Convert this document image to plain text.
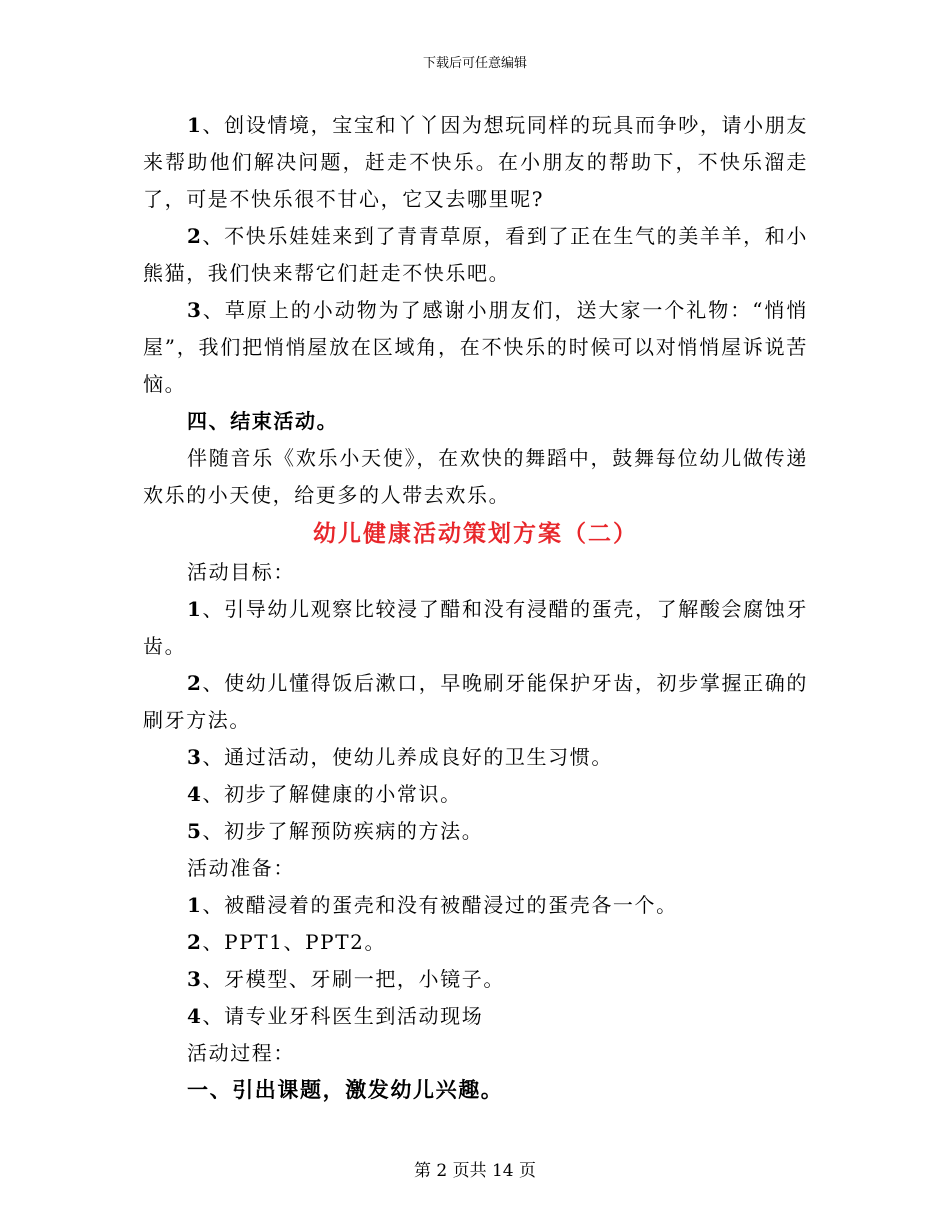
下载后可任意编辑

1、创设情境，宝宝和丫丫因为想玩同样的玩具而争吵，请小朋友来帮助他们解决问题，赶走不快乐。在小朋友的帮助下，不快乐溜走了，可是不快乐很不甘心，它又去哪里呢?

2、不快乐娃娃来到了青青草原，看到了正在生气的美羊羊，和小熊猫，我们快来帮它们赶走不快乐吧。

3、草原上的小动物为了感谢小朋友们，送大家一个礼物：“悄悄屋”，我们把悄悄屋放在区域角，在不快乐的时候可以对悄悄屋诉说苦恼。

四、结束活动。

伴随音乐《欢乐小天使》，在欢快的舞蹈中，鼓舞每位幼儿做传递欢乐的小天使，给更多的人带去欢乐。

幼儿健康活动策划方案（二）

活动目标：

1、引导幼儿观察比较浸了醋和没有浸醋的蛋壳，了解酸会腐蚀牙齿。

2、使幼儿懂得饭后漱口，早晚刷牙能保护牙齿，初步掌握正确的刷牙方法。

3、通过活动，使幼儿养成良好的卫生习惯。

4、初步了解健康的小常识。

5、初步了解预防疾病的方法。

活动准备：

1、被醋浸着的蛋壳和没有被醋浸过的蛋壳各一个。

2、PPT1、PPT2。

3、牙模型、牙刷一把，小镜子。

4、请专业牙科医生到活动现场

活动过程：

一、引出课题，激发幼儿兴趣。

第 2 页共 14 页
